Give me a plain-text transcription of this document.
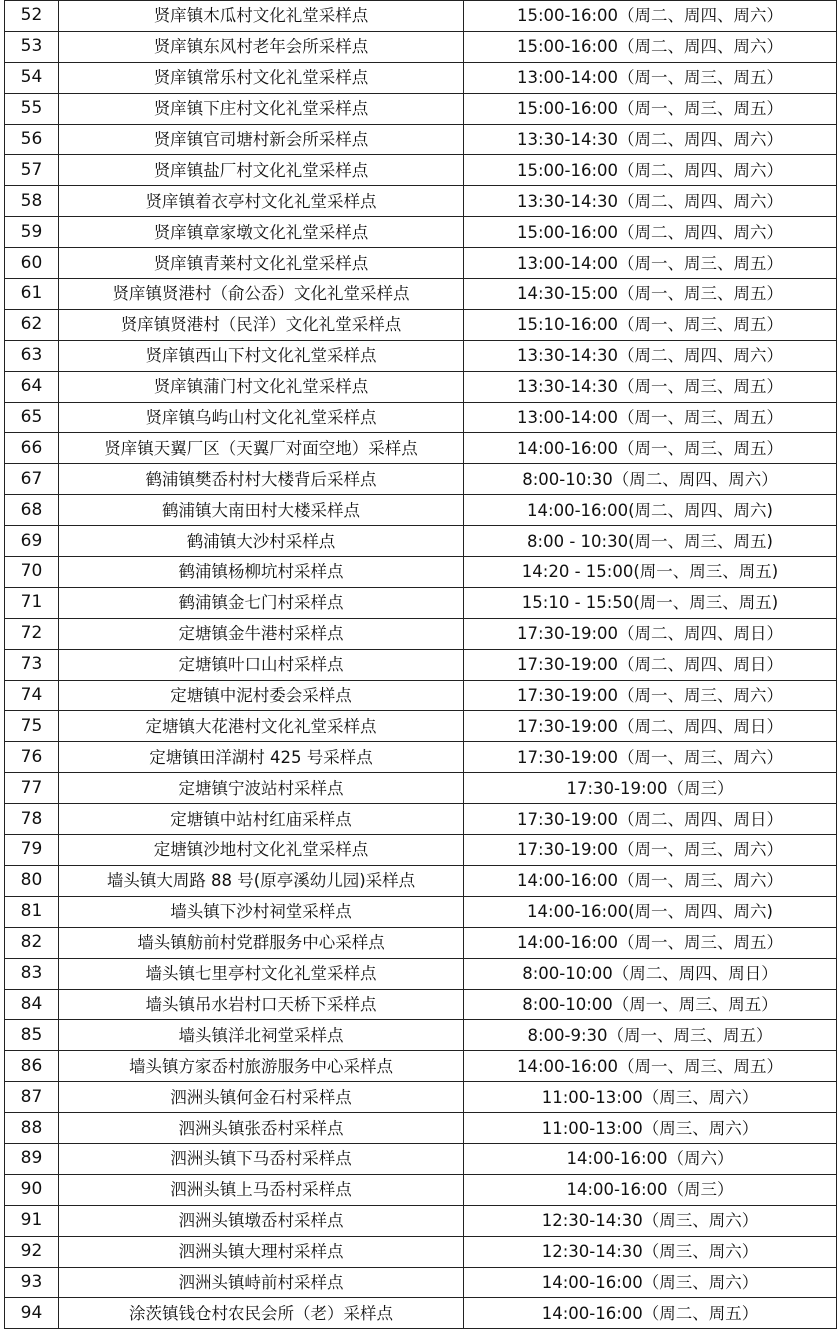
52	贤庠镇木瓜村文化礼堂采样点	15:00-16:00（周二、周四、周六）
53	贤庠镇东风村老年会所采样点	15:00-16:00（周二、周四、周六）
54	贤庠镇常乐村文化礼堂采样点	13:00-14:00（周一、周三、周五）
55	贤庠镇下庄村文化礼堂采样点	15:00-16:00（周一、周三、周五）
56	贤庠镇官司塘村新会所采样点	13:30-14:30（周二、周四、周六）
57	贤庠镇盐厂村文化礼堂采样点	15:00-16:00（周二、周四、周六）
58	贤庠镇着衣亭村文化礼堂采样点	13:30-14:30（周二、周四、周六）
59	贤庠镇章家墩文化礼堂采样点	15:00-16:00（周二、周四、周六）
60	贤庠镇青莱村文化礼堂采样点	13:00-14:00（周一、周三、周五）
61	贤庠镇贤港村（俞公岙）文化礼堂采样点	14:30-15:00（周一、周三、周五）
62	贤庠镇贤港村（民洋）文化礼堂采样点	15:10-16:00（周一、周三、周五）
63	贤庠镇西山下村文化礼堂采样点	13:30-14:30（周二、周四、周六）
64	贤庠镇蒲门村文化礼堂采样点	13:30-14:30（周一、周三、周五）
65	贤庠镇乌屿山村文化礼堂采样点	13:00-14:00（周一、周三、周五）
66	贤庠镇天翼厂区（天翼厂对面空地）采样点	14:00-16:00（周一、周三、周五）
67	鹤浦镇樊岙村村大楼背后采样点	8:00-10:30（周二、周四、周六）
68	鹤浦镇大南田村大楼采样点	14:00-16:00(周二、周四、周六)
69	鹤浦镇大沙村采样点	8:00 - 10:30(周一、周三、周五)
70	鹤浦镇杨柳坑村采样点	14:20 - 15:00(周一、周三、周五)
71	鹤浦镇金七门村采样点	15:10 - 15:50(周一、周三、周五)
72	定塘镇金牛港村采样点	17:30-19:00（周二、周四、周日）
73	定塘镇叶口山村采样点	17:30-19:00（周二、周四、周日）
74	定塘镇中泥村委会采样点	17:30-19:00（周一、周三、周六）
75	定塘镇大花港村文化礼堂采样点	17:30-19:00（周二、周四、周日）
76	定塘镇田洋湖村 425 号采样点	17:30-19:00（周一、周三、周六）
77	定塘镇宁波站村采样点	17:30-19:00（周三）
78	定塘镇中站村红庙采样点	17:30-19:00（周二、周四、周日）
79	定塘镇沙地村文化礼堂采样点	17:30-19:00（周一、周三、周六）
80	墙头镇大周路 88 号(原亭溪幼儿园)采样点	14:00-16:00（周一、周三、周六）
81	墙头镇下沙村祠堂采样点	14:00-16:00(周一、周四、周六)
82	墙头镇舫前村党群服务中心采样点	14:00-16:00（周一、周三、周五）
83	墙头镇七里亭村文化礼堂采样点	8:00-10:00（周二、周四、周日）
84	墙头镇吊水岩村口天桥下采样点	8:00-10:00（周一、周三、周五）
85	墙头镇洋北祠堂采样点	8:00-9:30（周一、周三、周五）
86	墙头镇方家岙村旅游服务中心采样点	14:00-16:00（周一、周三、周五）
87	泗洲头镇何金石村采样点	11:00-13:00（周三、周六）
88	泗洲头镇张岙村采样点	11:00-13:00（周三、周六）
89	泗洲头镇下马岙村采样点	14:00-16:00（周六）
90	泗洲头镇上马岙村采样点	14:00-16:00（周三）
91	泗洲头镇墩岙村采样点	12:30-14:30（周三、周六）
92	泗洲头镇大理村采样点	12:30-14:30（周三、周六）
93	泗洲头镇峙前村采样点	14:00-16:00（周三、周六）
94	涂茨镇钱仓村农民会所（老）采样点	14:00-16:00（周二、周五）
